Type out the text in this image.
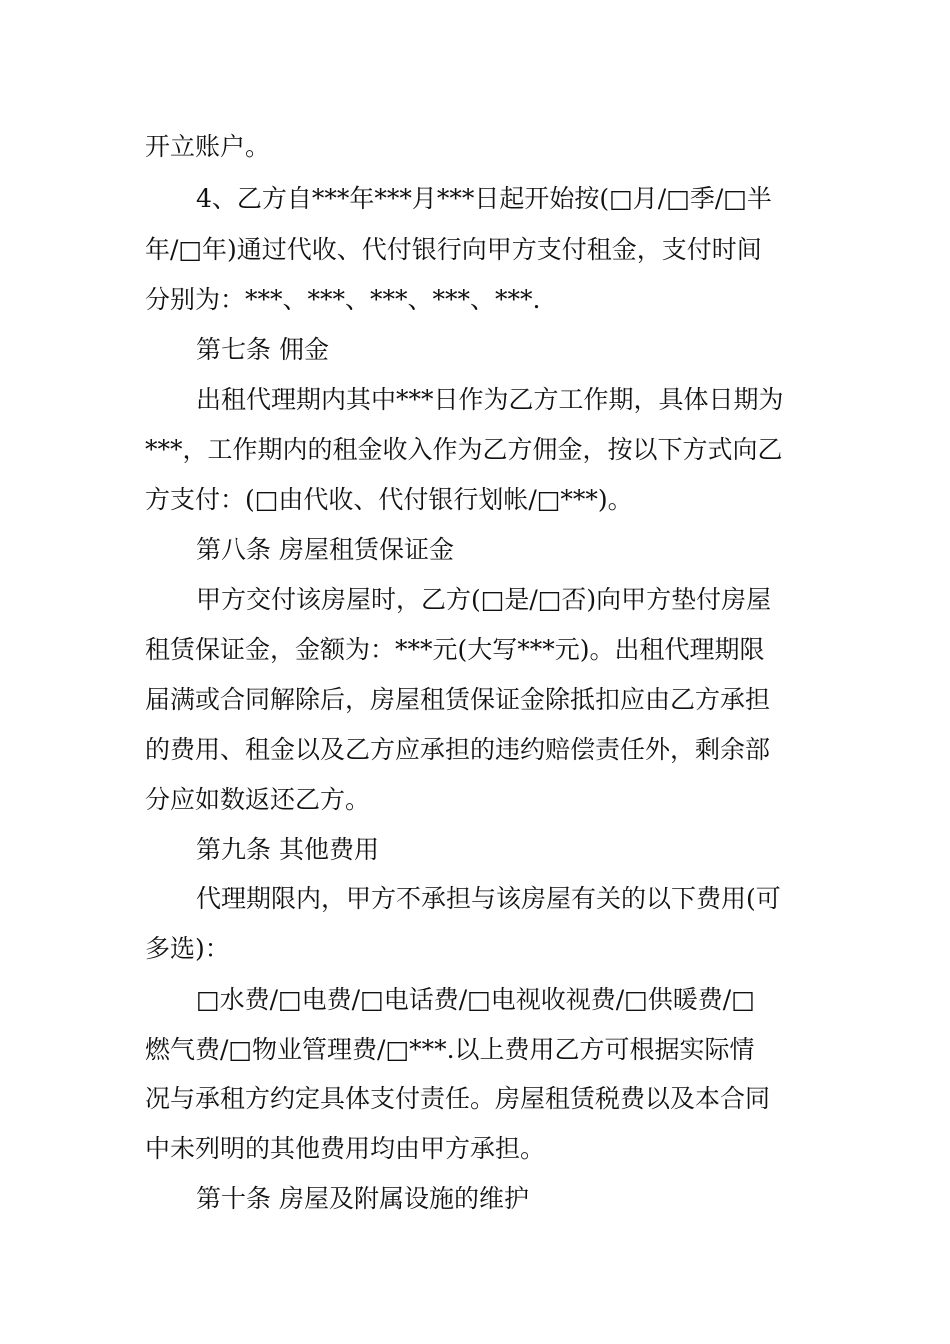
开立账户。
4、乙方自***年***月***日起开始按(□月/□季/□半
年/□年)通过代收、代付银行向甲方支付租金，支付时间
分别为：***、***、***、***、***.
第七条 佣金
出租代理期内其中***日作为乙方工作期，具体日期为
***，工作期内的租金收入作为乙方佣金，按以下方式向乙
方支付：(□由代收、代付银行划帐/□***)。
第八条 房屋租赁保证金
甲方交付该房屋时，乙方(□是/□否)向甲方垫付房屋
租赁保证金，金额为：***元(大写***元)。出租代理期限
届满或合同解除后，房屋租赁保证金除抵扣应由乙方承担
的费用、租金以及乙方应承担的违约赔偿责任外，剩余部
分应如数返还乙方。
第九条 其他费用
代理期限内，甲方不承担与该房屋有关的以下费用(可
多选)：
□水费/□电费/□电话费/□电视收视费/□供暖费/□
燃气费/□物业管理费/□***.以上费用乙方可根据实际情
况与承租方约定具体支付责任。房屋租赁税费以及本合同
中未列明的其他费用均由甲方承担。
第十条 房屋及附属设施的维护
